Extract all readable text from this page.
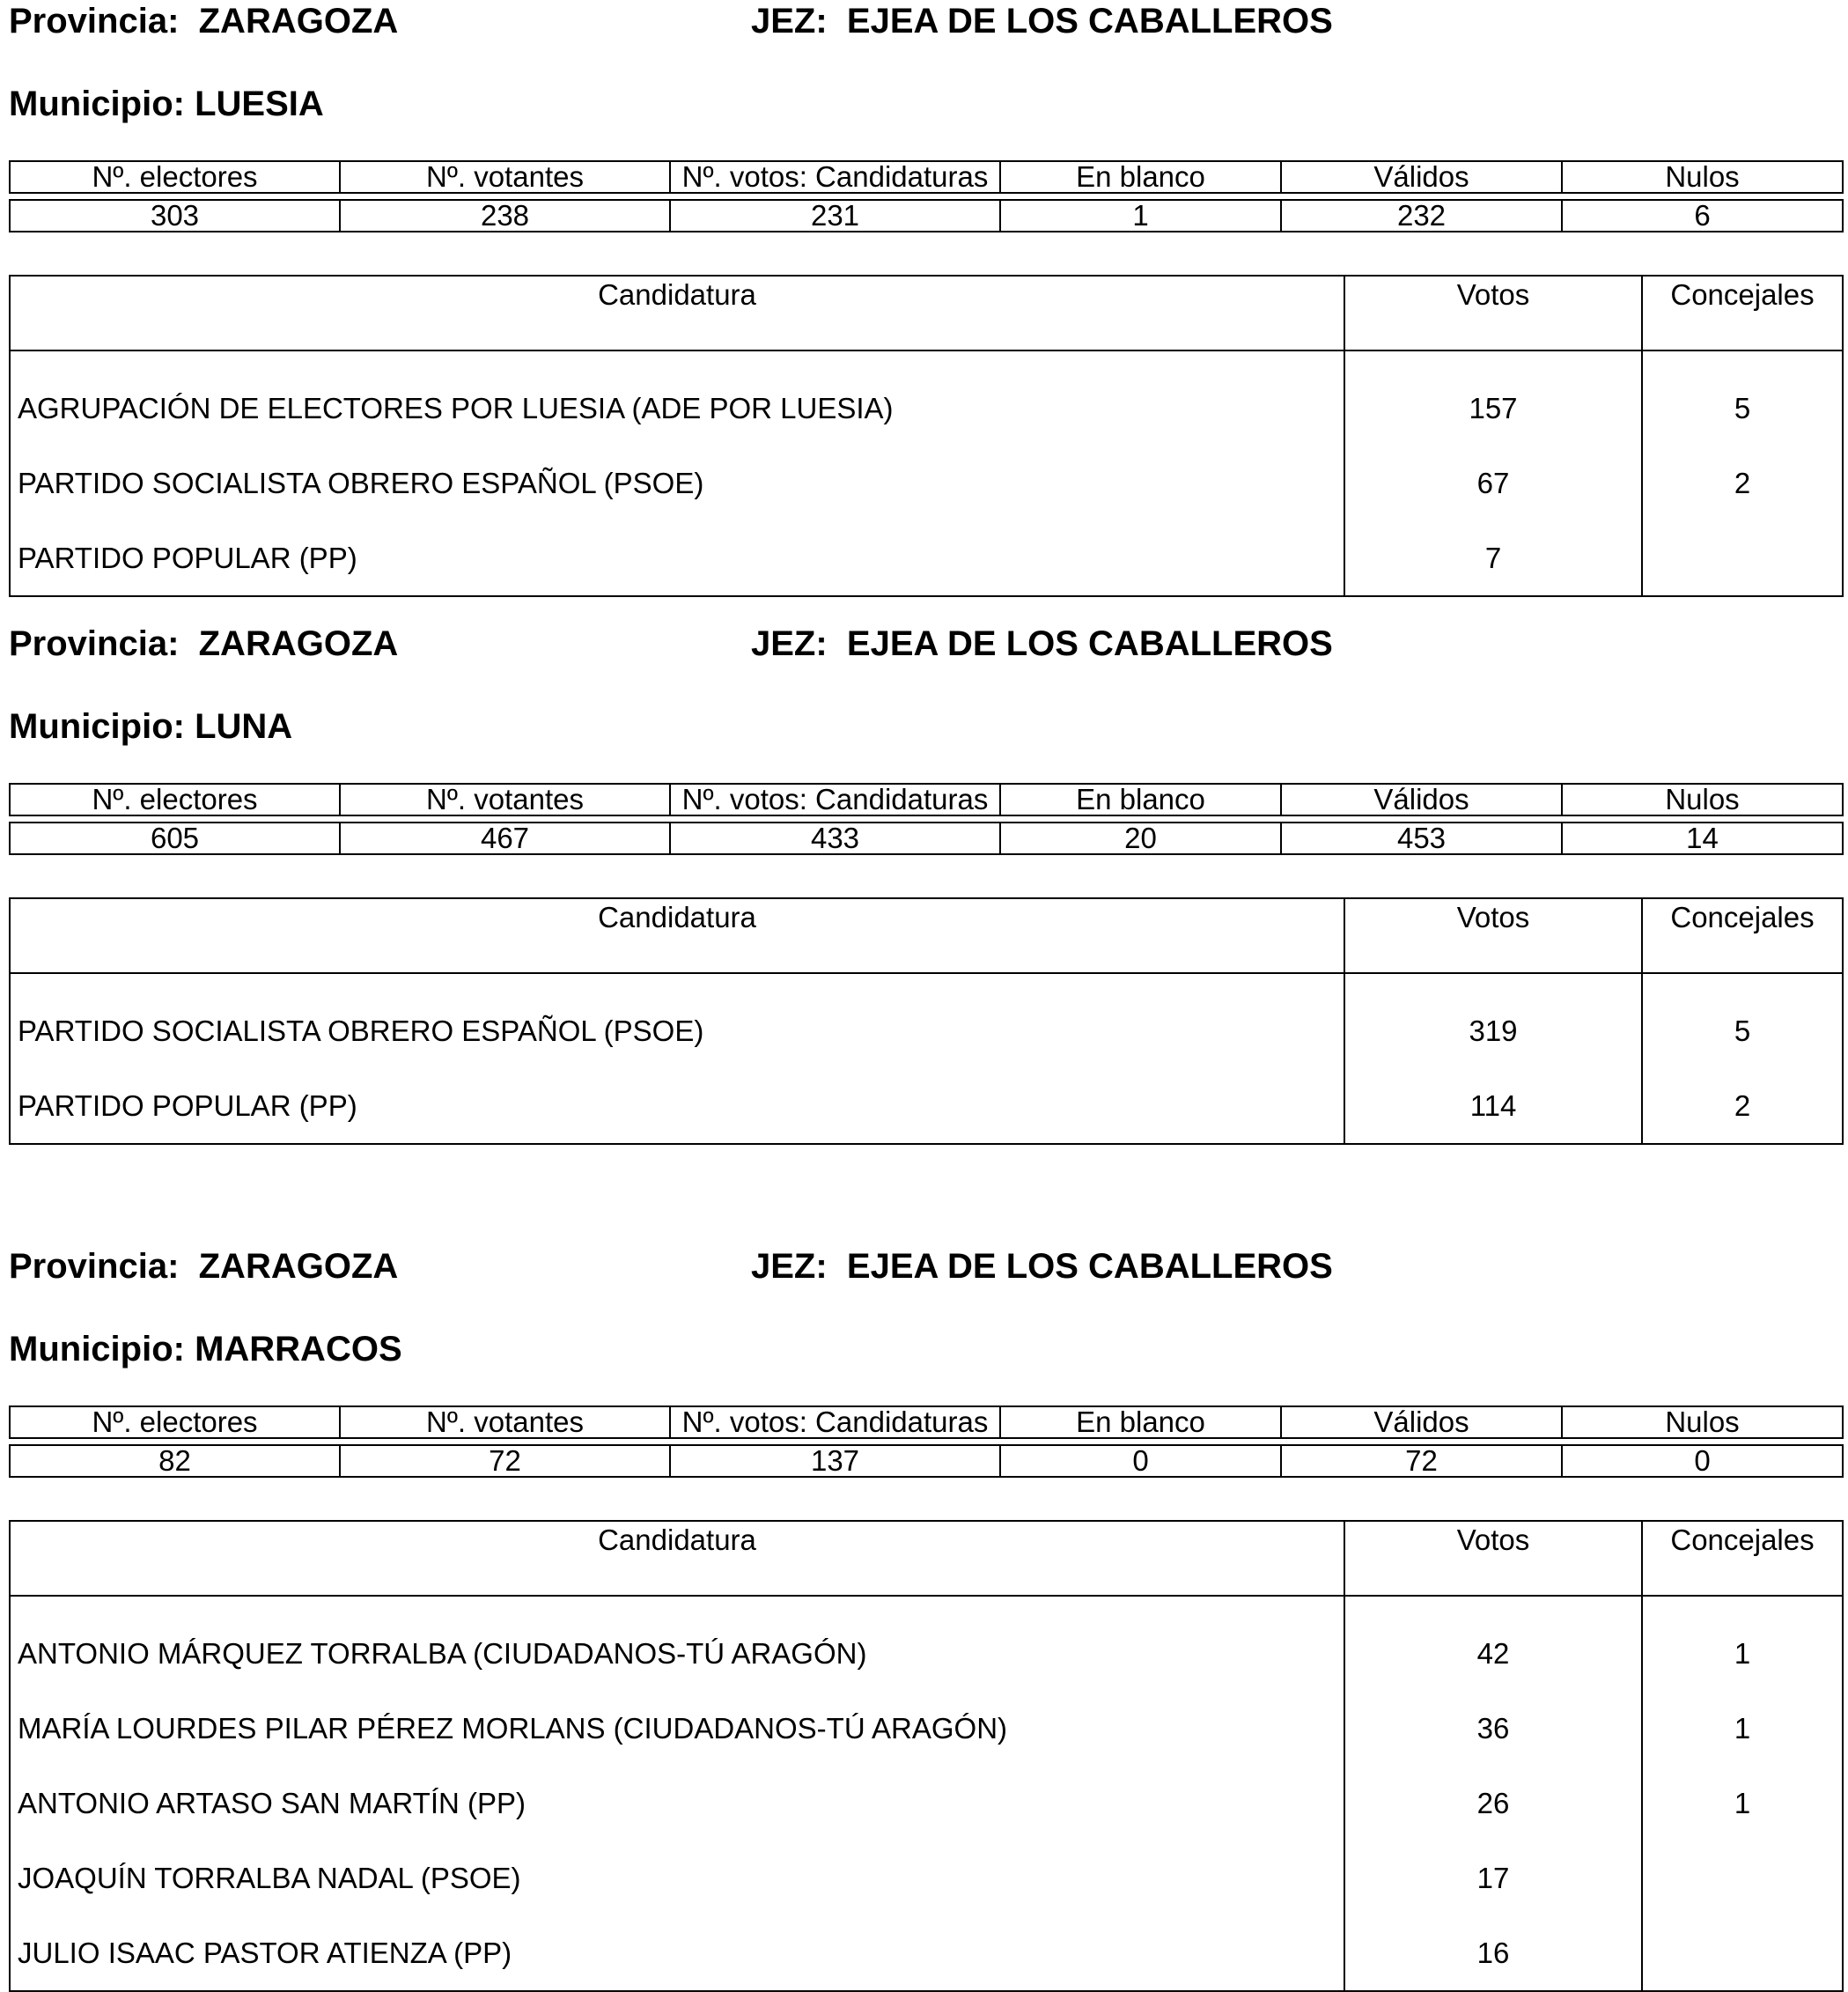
Provincia:  ZARAGOZA	JEZ:  EJEA DE LOS CABALLEROS
Municipio: LUESIA
Nº. electores	Nº. votantes	Nº. votos: Candidaturas	En blanco	Válidos	Nulos

303	238	231	1	232	6
Candidatura	Votos	Concejales
AGRUPACIÓN DE ELECTORES POR LUESIA (ADE POR LUESIA)	157	5
PARTIDO SOCIALISTA OBRERO ESPAÑOL (PSOE)	67	2
PARTIDO POPULAR (PP)	7	
Provincia:  ZARAGOZA	JEZ:  EJEA DE LOS CABALLEROS
Municipio: LUNA
Nº. electores	Nº. votantes	Nº. votos: Candidaturas	En blanco	Válidos	Nulos

605	467	433	20	453	14
Candidatura	Votos	Concejales
PARTIDO SOCIALISTA OBRERO ESPAÑOL (PSOE)	319	5
PARTIDO POPULAR (PP)	114	2
Provincia:  ZARAGOZA	JEZ:  EJEA DE LOS CABALLEROS
Municipio: MARRACOS
Nº. electores	Nº. votantes	Nº. votos: Candidaturas	En blanco	Válidos	Nulos

82	72	137	0	72	0
Candidatura	Votos	Concejales
ANTONIO MÁRQUEZ TORRALBA (CIUDADANOS-TÚ ARAGÓN)	42	1
MARÍA LOURDES PILAR PÉREZ MORLANS (CIUDADANOS-TÚ ARAGÓN)	36	1
ANTONIO ARTASO SAN MARTÍN (PP)	26	1
JOAQUÍN TORRALBA NADAL (PSOE)	17	
JULIO ISAAC PASTOR ATIENZA (PP)	16	
